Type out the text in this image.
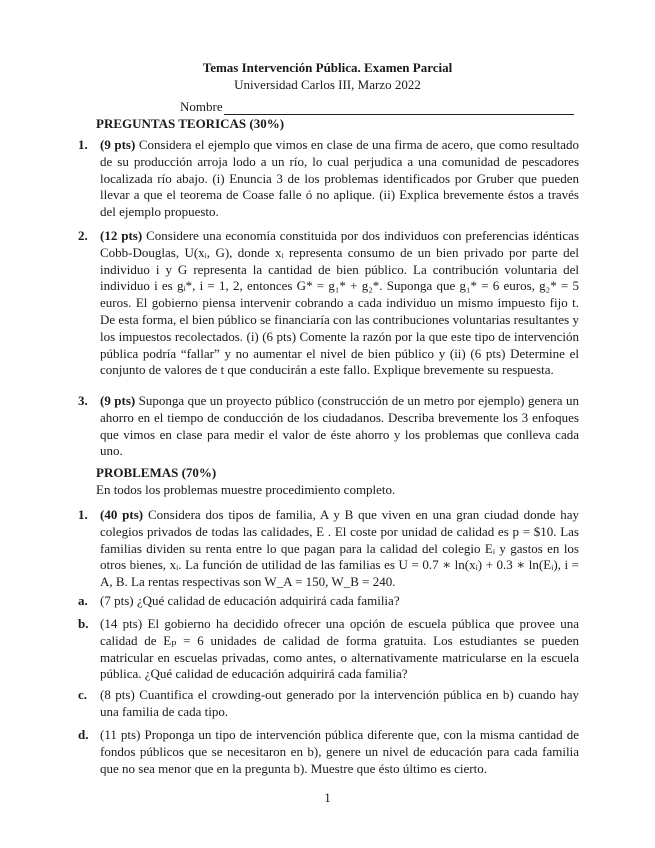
Temas Intervención Pública. Examen Parcial
Universidad Carlos III, Marzo 2022
Nombre
PREGUNTAS TEORICAS (30%)
1. (9 pts) Considera el ejemplo que vimos en clase de una firma de acero, que como resultado de su producción arroja lodo a un río, lo cual perjudica a una comunidad de pescadores localizada río abajo. (i) Enuncia 3 de los problemas identificados por Gruber que pueden llevar a que el teorema de Coase falle ó no aplique. (ii) Explica brevemente éstos a través del ejemplo propuesto.
2. (12 pts) Considere una economía constituida por dos individuos con preferencias idénticas Cobb-Douglas, U(xᵢ, G), donde xᵢ representa consumo de un bien privado por parte del individuo i y G representa la cantidad de bien público. La contribución voluntaria del individuo i es gᵢ*, i = 1, 2, entonces G* = g₁* + g₂*. Suponga que g₁* = 6 euros, g₂* = 5 euros. El gobierno piensa intervenir cobrando a cada individuo un mismo impuesto fijo t. De esta forma, el bien público se financiaría con las contribuciones voluntarias resultantes y los impuestos recolectados. (i) (6 pts) Comente la razón por la que este tipo de intervención pública podría “fallar” y no aumentar el nivel de bien público y (ii) (6 pts) Determine el conjunto de valores de t que conducirán a este fallo. Explique brevemente su respuesta.
3. (9 pts) Suponga que un proyecto público (construcción de un metro por ejemplo) genera un ahorro en el tiempo de conducción de los ciudadanos. Describa brevemente los 3 enfoques que vimos en clase para medir el valor de éste ahorro y los problemas que conlleva cada uno.
PROBLEMAS (70%)
En todos los problemas muestre procedimiento completo.
1. (40 pts) Considera dos tipos de familia, A y B que viven en una gran ciudad donde hay colegios privados de todas las calidades, E . El coste por unidad de calidad es p = $10. Las familias dividen su renta entre lo que pagan para la calidad del colegio Eᵢ y gastos en los otros bienes, xᵢ. La función de utilidad de las familias es U = 0.7 ∗ ln(xᵢ) + 0.3 ∗ ln(Eᵢ), i = A, B. La rentas respectivas son W_A = 150, W_B = 240.
a. (7 pts) ¿Qué calidad de educación adquirirá cada familia?
b. (14 pts) El gobierno ha decidido ofrecer una opción de escuela pública que provee una calidad de Eₚ = 6 unidades de calidad de forma gratuita. Los estudiantes se pueden matricular en escuelas privadas, como antes, o alternativamente matricularse en la escuela pública. ¿Qué calidad de educación adquirirá cada familia?
c. (8 pts) Cuantifica el crowding-out generado por la intervención pública en b) cuando hay una familia de cada tipo.
d. (11 pts) Proponga un tipo de intervención pública diferente que, con la misma cantidad de fondos públicos que se necesitaron en b), genere un nivel de educación para cada familia que no sea menor que en la pregunta b). Muestre que ésto último es cierto.
1
